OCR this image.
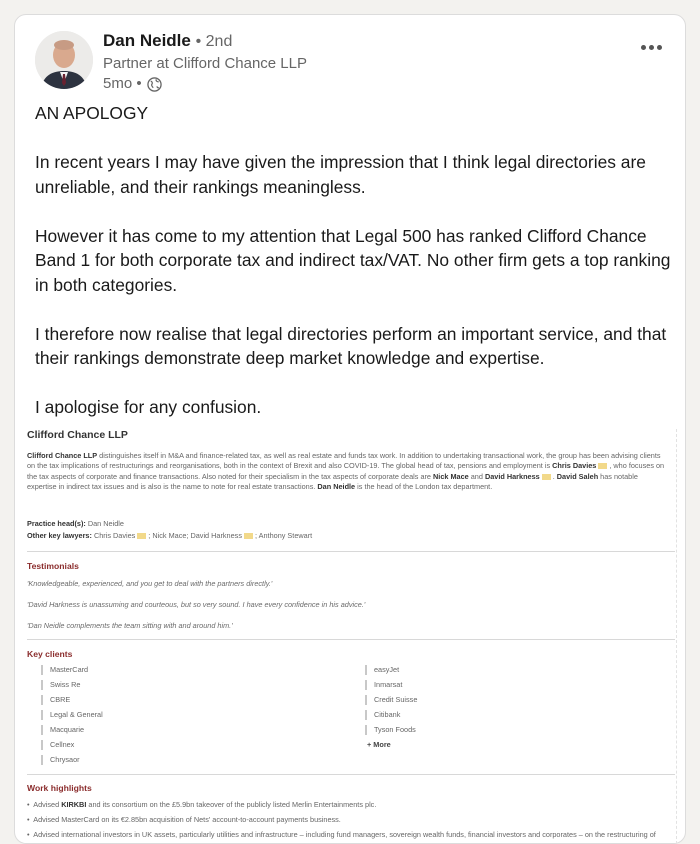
Dan Neidle • 2nd
Partner at Clifford Chance LLP
5mo •

AN APOLOGY

In recent years I may have given the impression that I think legal directories are unreliable, and their rankings meaningless.

However it has come to my attention that Legal 500 has ranked Clifford Chance Band 1 for both corporate tax and indirect tax/VAT. No other firm gets a top ranking in both categories.

I therefore now realise that legal directories perform an important service, and that their rankings demonstrate deep market knowledge and expertise.

I apologise for any confusion.

Clifford Chance LLP
Clifford Chance LLP distinguishes itself in M&A and finance-related tax, as well as real estate and funds tax work. In addition to undertaking transactional work, the group has been advising clients on the tax implications of restructurings and reorganisations, both in the context of Brexit and also COVID-19. The global head of tax, pensions and employment is Chris Davies , who focuses on the tax aspects of corporate and finance transactions. Also noted for their specialism in the tax aspects of corporate deals are Nick Mace and David Harkness . David Saleh has notable expertise in indirect tax issues and is also is the name to note for real estate transactions. Dan Neidle is the head of the London tax department.
Practice head(s): Dan Neidle
Other key lawyers: Chris Davies ; Nick Mace; David Harkness ; Anthony Stewart
Testimonials
'Knowledgeable, experienced, and you get to deal with the partners directly.'
'David Harkness is unassuming and courteous, but so very sound. I have every confidence in his advice.'
'Dan Neidle complements the team sitting with and around him.'
Key clients
MasterCard
Swiss Re
CBRE
Legal & General
Macquarie
Cellnex
Chrysaor
easyJet
Inmarsat
Credit Suisse
Citibank
Tyson Foods
+ More
Work highlights
•  Advised KIRKBI and its consortium on the £5.9bn takeover of the publicly listed Merlin Entertainments plc.
•  Advised MasterCard on its €2.85bn acquisition of Nets' account-to-account payments business.
•  Advised international investors in UK assets, particularly utilities and infrastructure – including fund managers, sovereign wealth funds, financial investors and corporates – on the restructuring of
